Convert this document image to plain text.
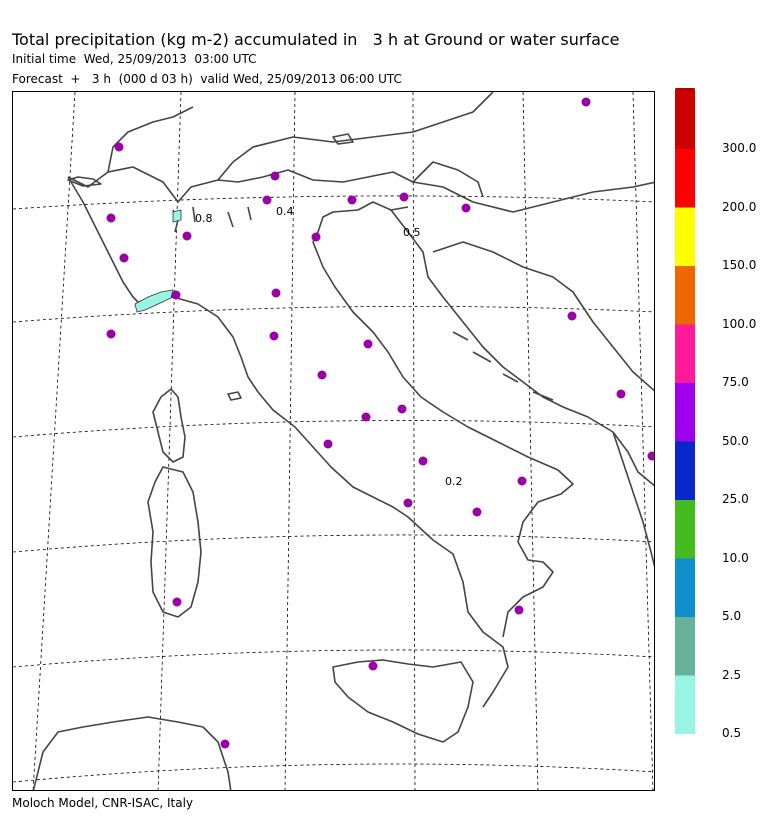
Total precipitation (kg m-2) accumulated in   3 h at Ground or water surface
Initial time  Wed, 25/09/2013  03:00 UTC
Forecast  +   3 h  (000 d 03 h)  valid Wed, 25/09/2013 06:00 UTC
0.8
0.4
0.5
0.2
0.5
2.5
5.0
10.0
25.0
50.0
75.0
100.0
150.0
200.0
300.0
Moloch Model, CNR-ISAC, Italy
